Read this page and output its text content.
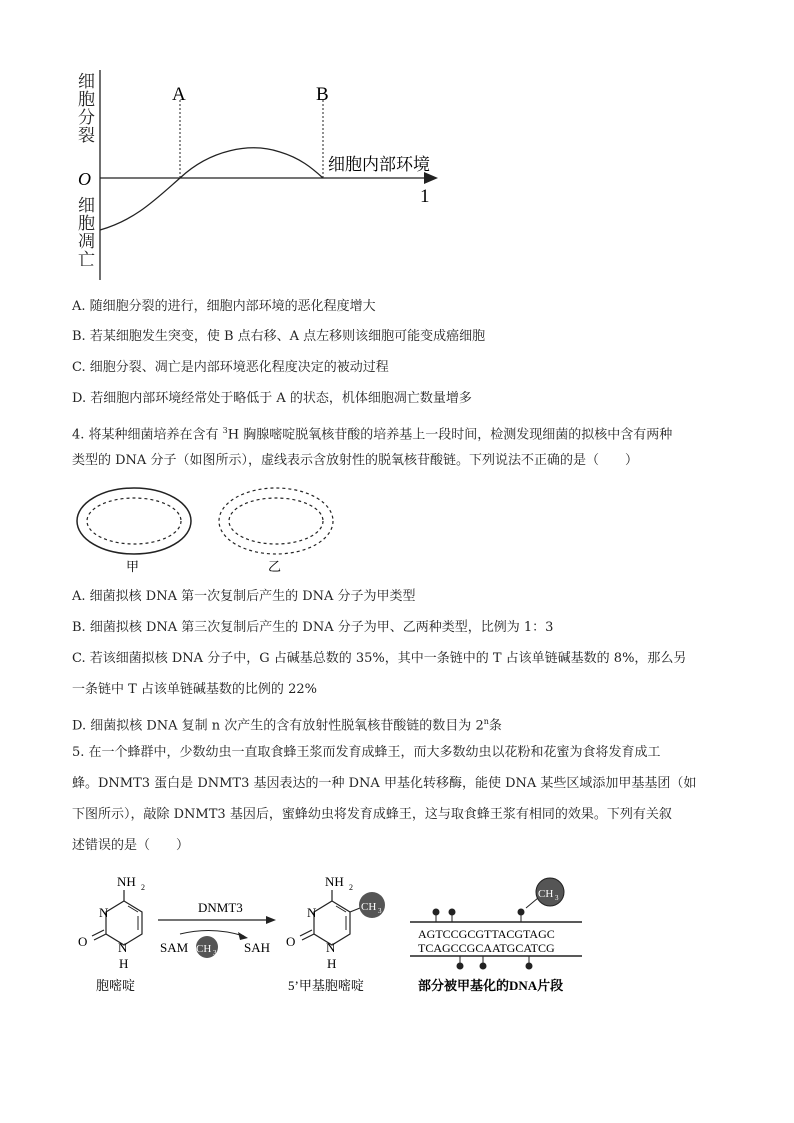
A	B
O
细胞内部环境
1
细胞分裂
细胞凋亡
A. 随细胞分裂的进行，细胞内部环境的恶化程度增大
B. 若某细胞发生突变，使 B 点右移、A 点左移则该细胞可能变成癌细胞
C. 细胞分裂、凋亡是内部环境恶化程度决定的被动过程
D. 若细胞内部环境经常处于略低于 A 的状态，机体细胞凋亡数量增多
4. 将某种细菌培养在含有 $^3$H 胸腺嘧啶脱氧核苷酸的培养基上一段时间，检测发现细菌的拟核中含有两种
类型的 DNA 分子（如图所示），虚线表示含放射性的脱氧核苷酸链。下列说法不正确的是（　　）
甲	乙
A. 细菌拟核 DNA 第一次复制后产生的 DNA 分子为甲类型
B. 细菌拟核 DNA 第三次复制后产生的 DNA 分子为甲、乙两种类型，比例为 1：3
C. 若该细菌拟核 DNA 分子中，G 占碱基总数的 35%，其中一条链中的 T 占该单链碱基数的 8%，那么另
一条链中 T 占该单链碱基数的比例的 22%
D. 细菌拟核 DNA 复制 n 次产生的含有放射性脱氧核苷酸链的数目为 2$^n$条
5. 在一个蜂群中，少数幼虫一直取食蜂王浆而发育成蜂王，而大多数幼虫以花粉和花蜜为食将发育成工
蜂。DNMT3 蛋白是 DNMT3 基因表达的一种 DNA 甲基化转移酶，能使 DNA 某些区域添加甲基基团（如
下图所示），敲除 DNMT3 基因后，蜜蜂幼虫将发育成蜂王，这与取食蜂王浆有相同的效果。下列有关叙
述错误的是（　　）
NH 2
N
N
H
O
胞嘧啶
DNMT3
SAM CH 3 SAH
NH 2
N
N
H
O
CH 3
5’甲基胞嘧啶
CH 3
AGTCCGCGTTACGTAGC
TCAGCCGCAATGCATCG
部分被甲基化的DNA片段
